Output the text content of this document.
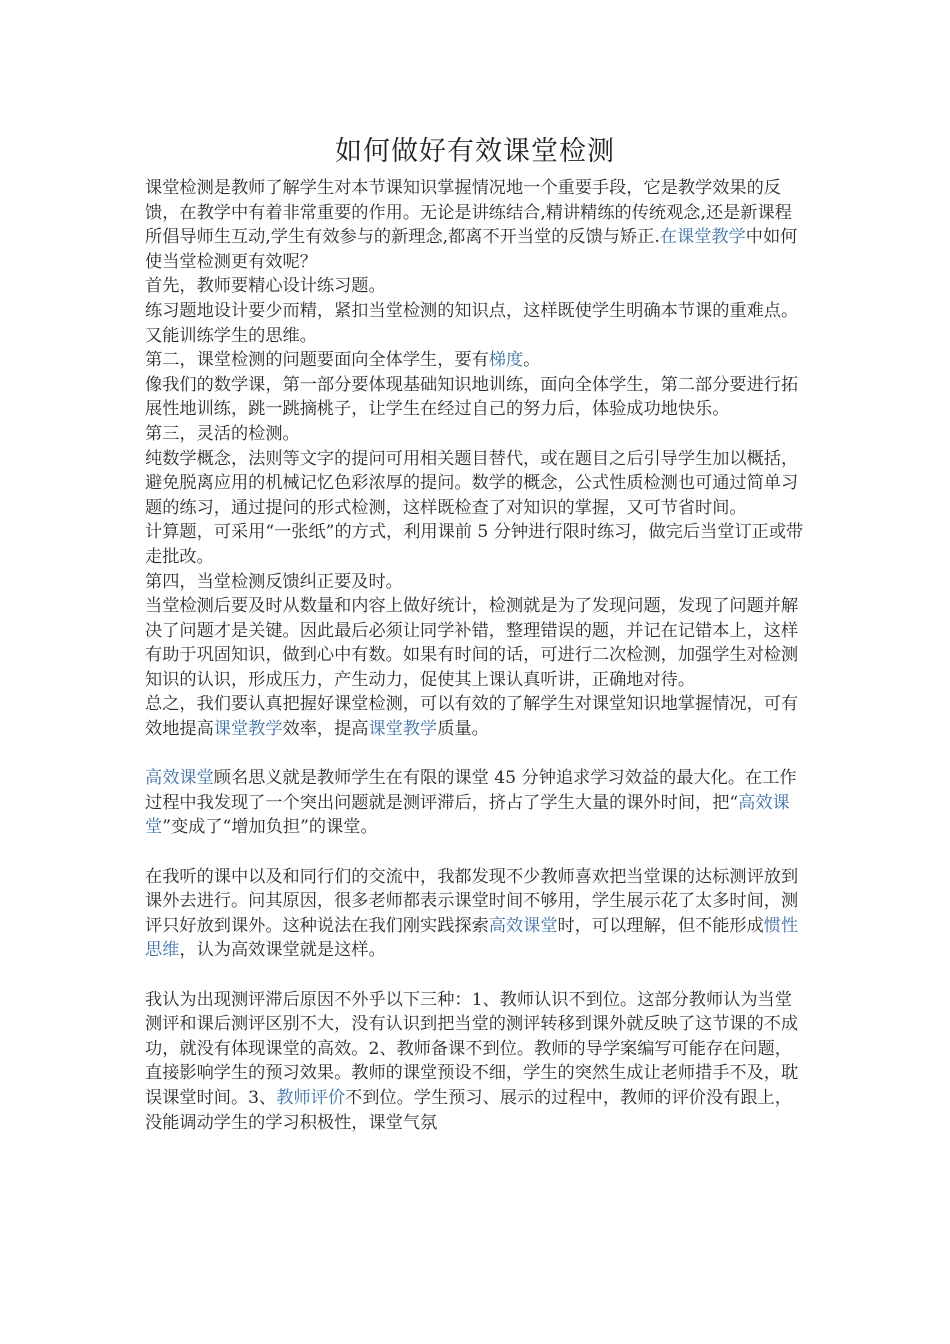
如何做好有效课堂检测

课堂检测是教师了解学生对本节课知识掌握情况地一个重要手段，它是教学效果的反馈，在教学中有着非常重要的作用。无论是讲练结合,精讲精练的传统观念,还是新课程所倡导师生互动,学生有效参与的新理念,都离不开当堂的反馈与矫正.在课堂教学中如何使当堂检测更有效呢？

首先，教师要精心设计练习题。

练习题地设计要少而精，紧扣当堂检测的知识点，这样既使学生明确本节课的重难点。又能训练学生的思维。

第二，课堂检测的问题要面向全体学生，要有梯度。

像我们的数学课，第一部分要体现基础知识地训练，面向全体学生，第二部分要进行拓展性地训练，跳一跳摘桃子，让学生在经过自己的努力后，体验成功地快乐。

第三，灵活的检测。

纯数学概念，法则等文字的提问可用相关题目替代，或在题目之后引导学生加以概括，避免脱离应用的机械记忆色彩浓厚的提问。数学的概念，公式性质检测也可通过简单习题的练习，通过提问的形式检测，这样既检查了对知识的掌握，又可节省时间。

计算题，可采用“一张纸”的方式，利用课前 5 分钟进行限时练习，做完后当堂订正或带走批改。

第四，当堂检测反馈纠正要及时。

当堂检测后要及时从数量和内容上做好统计，检测就是为了发现问题，发现了问题并解决了问题才是关键。因此最后必须让同学补错，整理错误的题，并记在记错本上，这样有助于巩固知识，做到心中有数。如果有时间的话，可进行二次检测，加强学生对检测知识的认识，形成压力，产生动力，促使其上课认真听讲，正确地对待。

总之，我们要认真把握好课堂检测，可以有效的了解学生对课堂知识地掌握情况，可有效地提高课堂教学效率，提高课堂教学质量。

高效课堂顾名思义就是教师学生在有限的课堂 45 分钟追求学习效益的最大化。在工作过程中我发现了一个突出问题就是测评滞后，挤占了学生大量的课外时间，把“高效课堂”变成了“增加负担”的课堂。

在我听的课中以及和同行们的交流中，我都发现不少教师喜欢把当堂课的达标测评放到课外去进行。问其原因，很多老师都表示课堂时间不够用，学生展示花了太多时间，测评只好放到课外。这种说法在我们刚实践探索高效课堂时，可以理解，但不能形成惯性思维，认为高效课堂就是这样。

我认为出现测评滞后原因不外乎以下三种：1、教师认识不到位。这部分教师认为当堂测评和课后测评区别不大，没有认识到把当堂的测评转移到课外就反映了这节课的不成功，就没有体现课堂的高效。2、教师备课不到位。教师的导学案编写可能存在问题，直接影响学生的预习效果。教师的课堂预设不细，学生的突然生成让老师措手不及，耽误课堂时间。3、教师评价不到位。学生预习、展示的过程中，教师的评价没有跟上，没能调动学生的学习积极性，课堂气氛
